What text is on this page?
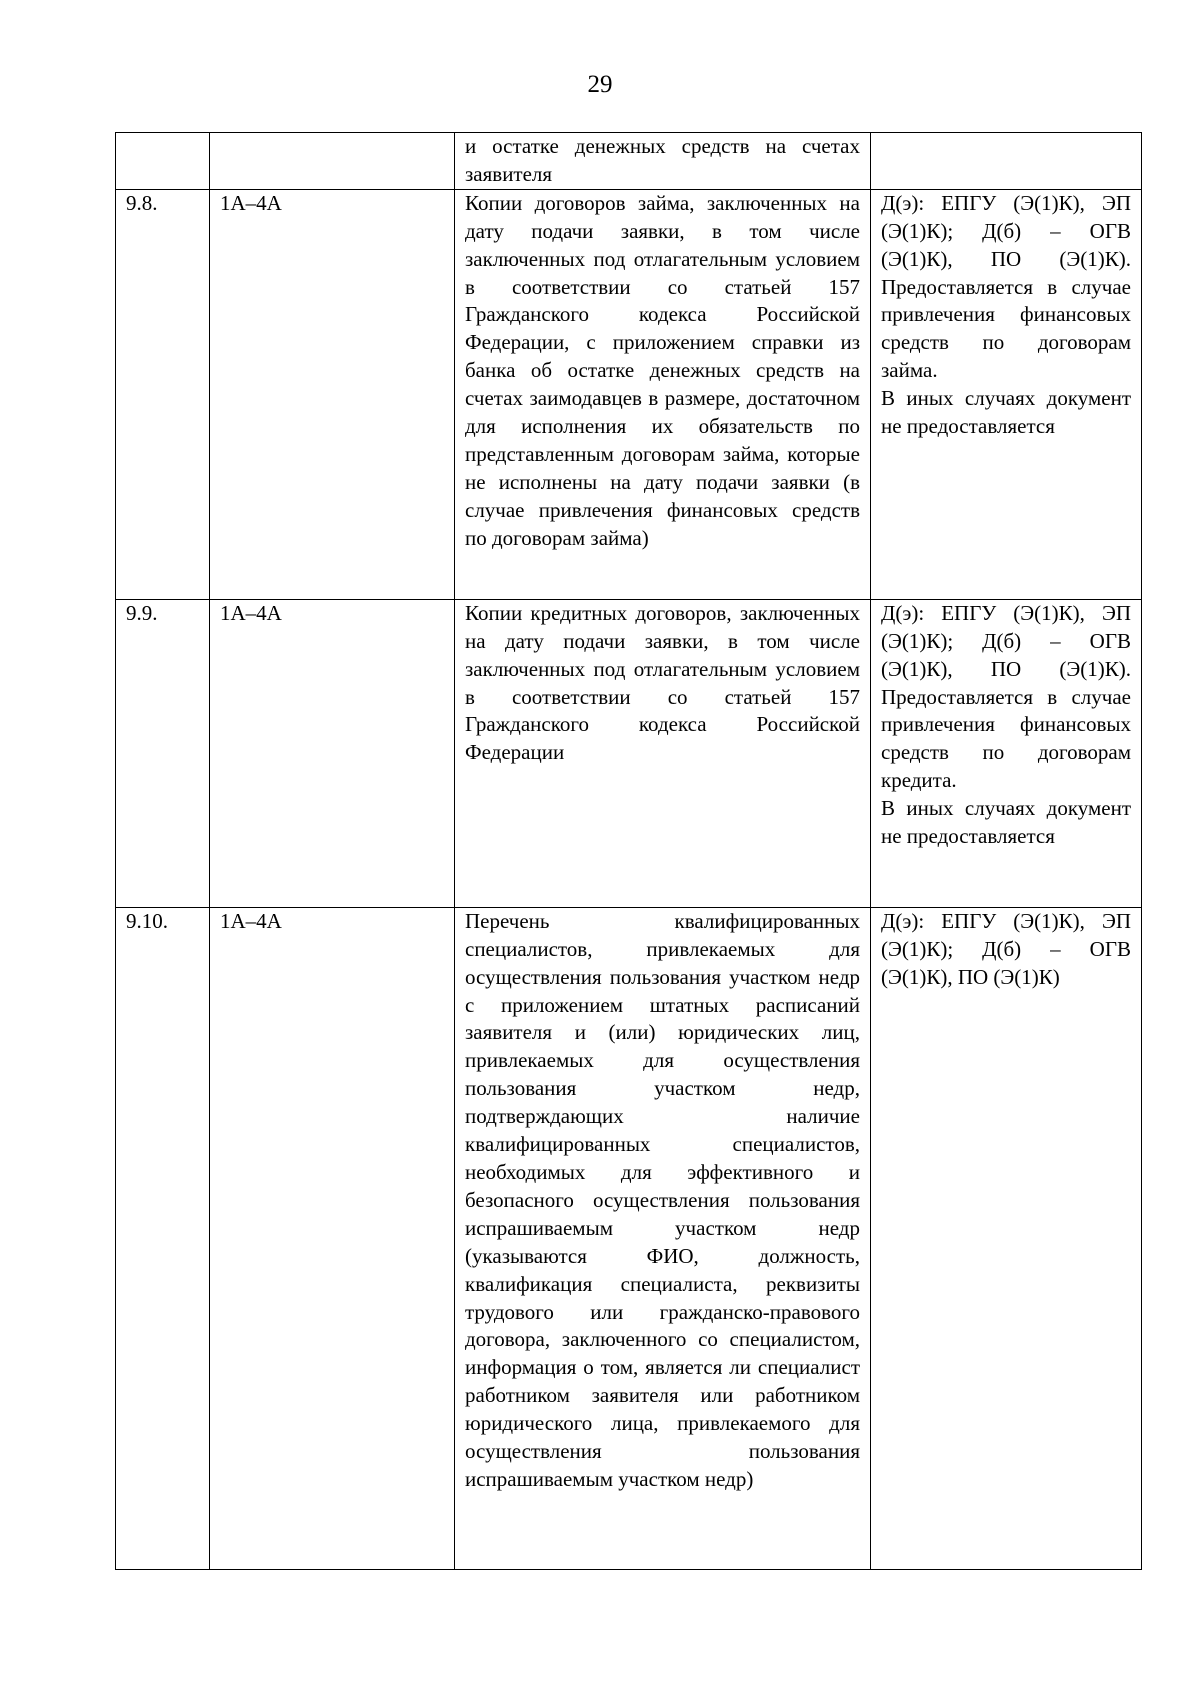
29
		и остатке денежных средств на счетах заявителя	
9.8.	1А–4А	Копии договоров займа, заключенных на дату подачи заявки, в том числе заключенных под отлагательным условием в соответствии со статьей 157 Гражданского кодекса Российской Федерации, с приложением справки из банка об остатке денежных средств на счетах заимодавцев в размере, достаточном для исполнения их обязательств по представленным договорам займа, которые не исполнены на дату подачи заявки (в случае привлечения финансовых средств по договорам займа)	Д(э): ЕПГУ (Э(1)К), ЭП (Э(1)К); Д(б) – ОГВ (Э(1)К), ПО (Э(1)К). Предоставляется в случае привлечения финансовых средств по договорам займа.
В иных случаях документ не предоставляется

9.9.	1А–4А	Копии кредитных договоров, заключенных на дату подачи заявки, в том числе заключенных под отлагательным условием в соответствии со статьей 157 Гражданского кодекса Российской Федерации	Д(э): ЕПГУ (Э(1)К), ЭП (Э(1)К); Д(б) – ОГВ (Э(1)К), ПО (Э(1)К). Предоставляется в случае привлечения финансовых средств по договорам кредита.
В иных случаях документ не предоставляется

9.10.	1А–4А	Перечень квалифицированных специалистов, привлекаемых для осуществления пользования участком недр с приложением штатных расписаний заявителя и (или) юридических лиц, привлекаемых для осуществления пользования участком недр, подтверждающих наличие квалифицированных специалистов, необходимых для эффективного и безопасного осуществления пользования испрашиваемым участком недр (указываются ФИО, должность, квалификация специалиста, реквизиты трудового или гражданско-правового договора, заключенного со специалистом, информация о том, является ли специалист работником заявителя или работником юридического лица, привлекаемого для осуществления пользования испрашиваемым участком недр)	Д(э): ЕПГУ (Э(1)К), ЭП (Э(1)К); Д(б) – ОГВ (Э(1)К), ПО (Э(1)К)
